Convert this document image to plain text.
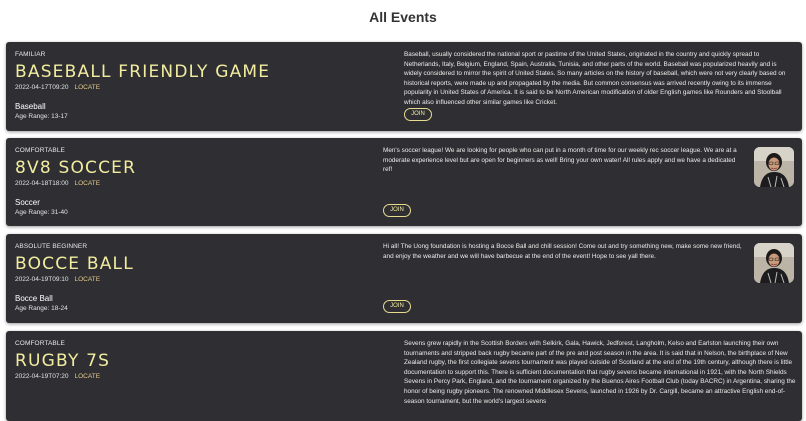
All Events
FAMILIAR
BASEBALL FRIENDLY GAME
2022-04-17T09:20 LOCATE
Baseball
Age Range: 13-17
Baseball, usually considered the national sport or pastime of the United States, originated in the country and quickly spread to Netherlands, Italy, Belgium, England, Spain, Australia, Tunisia, and other parts of the world. Baseball was popularized heavily and is widely considered to mirror the spirit of United States. So many articles on the history of baseball, which were not very clearly based on historical reports, were made up and propagated by the media. But common consensus was arrived recently owing to its immense popularity in United States of America. It is said to be North American modification of older English games like Rounders and Stoolball which also influenced other similar games like Cricket.
JOIN
COMFORTABLE
8V8 SOCCER
2022-04-18T18:00 LOCATE
Soccer
Age Range: 31-40
Men's soccer league! We are looking for people who can put in a month of time for our weekly rec soccer league. We are at a moderate experience level but are open for beginners as well! Bring your own water! All rules apply and we have a dedicated ref!
JOIN
ABSOLUTE BEGINNER
BOCCE BALL
2022-04-19T09:10 LOCATE
Bocce Ball
Age Range: 18-24
Hi all! The Uong foundation is hosting a Bocce Ball and chill session! Come out and try something new, make some new friend, and enjoy the weather and we will have barbecue at the end of the event! Hope to see yall there.
JOIN
COMFORTABLE
RUGBY 7S
2022-04-19T07:20 LOCATE
Sevens grew rapidly in the Scottish Borders with Selkirk, Gala, Hawick, Jedforest, Langholm, Kelso and Earlston launching their own tournaments and stripped back rugby became part of the pre and post season in the area. It is said that in Nelson, the birthplace of New Zealand rugby, the first collegiate sevens tournament was played outside of Scotland at the end of the 19th century, although there is little documentation to support this. There is sufficient documentation that rugby sevens became international in 1921, with the North Shields Sevens in Percy Park, England, and the tournament organized by the Buenos Aires Football Club (today BACRC) in Argentina, sharing the honor of being rugby pioneers. The renowned Middlesex Sevens, launched in 1926 by Dr. Cargill, became an attractive English end-of-season tournament, but the world's largest sevens
